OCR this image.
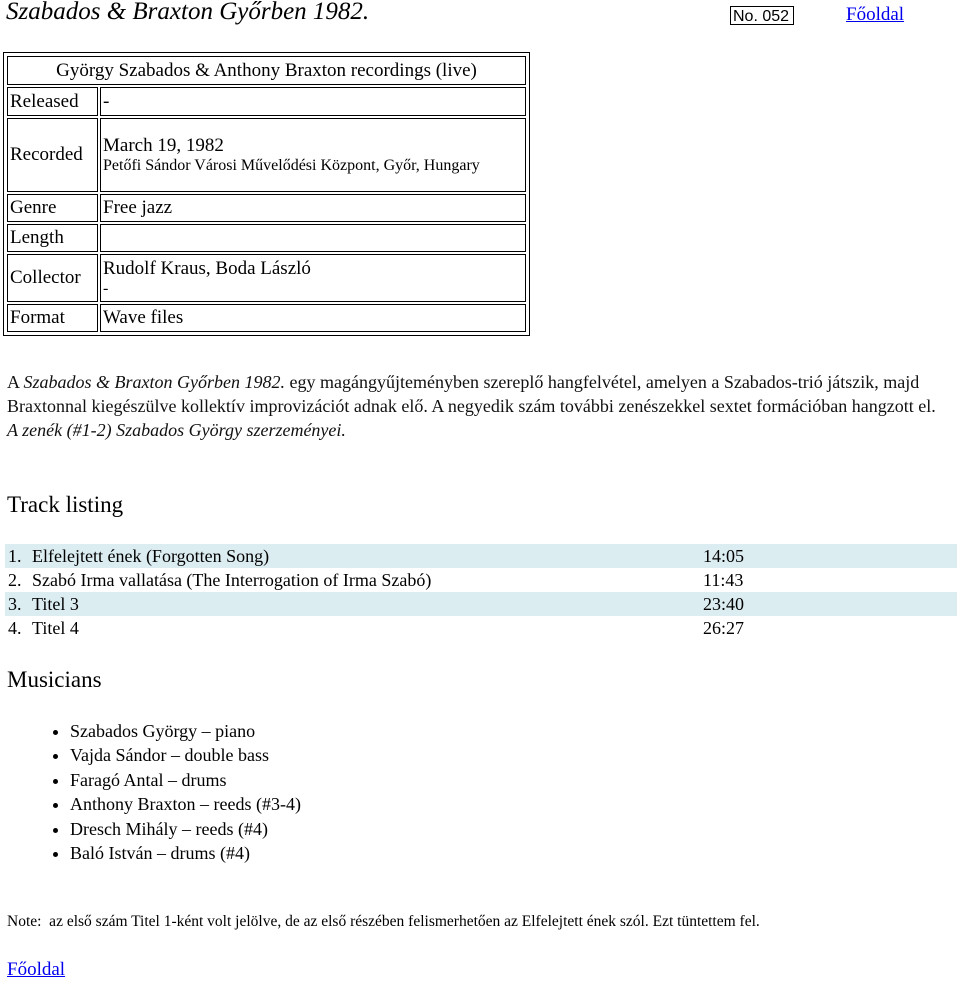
Szabados & Braxton Győrben 1982.	No. 052	Főoldal
György Szabados & Anthony Braxton recordings (live)	
Released	-
Recorded	March 19, 1982
Petőfi Sándor Városi Művelődési Központ, Győr, Hungary

Genre	Free jazz
Length	
Collector	Rudolf Kraus, Boda László
-

Format	Wave files

A Szabados & Braxton Győrben 1982. egy magángyűjteményben szereplő hangfelvétel, amelyen a Szabados-trió játszik, majd Braxtonnal kiegészülve kollektív improvizációt adnak elő. A negyedik szám további zenészekkel sextet formációban hangzott el.
A zenék (#1-2) Szabados György szerzeményei.

Track listing
1.	Elfelejtett ének (Forgotten Song)	14:05
2.	Szabó Irma vallatása (The Interrogation of Irma Szabó)	11:43
3.	Titel 3	23:40
4.	Titel 4	26:27
Musicians
• Szabados György – piano
• Vajda Sándor – double bass
• Faragó Antal – drums
• Anthony Braxton – reeds (#3-4)
• Dresch Mihály – reeds (#4)
• Baló István – drums (#4)
Note:  az első szám Titel 1-ként volt jelölve, de az első részében felismerhetően az Elfelejtett ének szól. Ezt tüntettem fel.
Főoldal
